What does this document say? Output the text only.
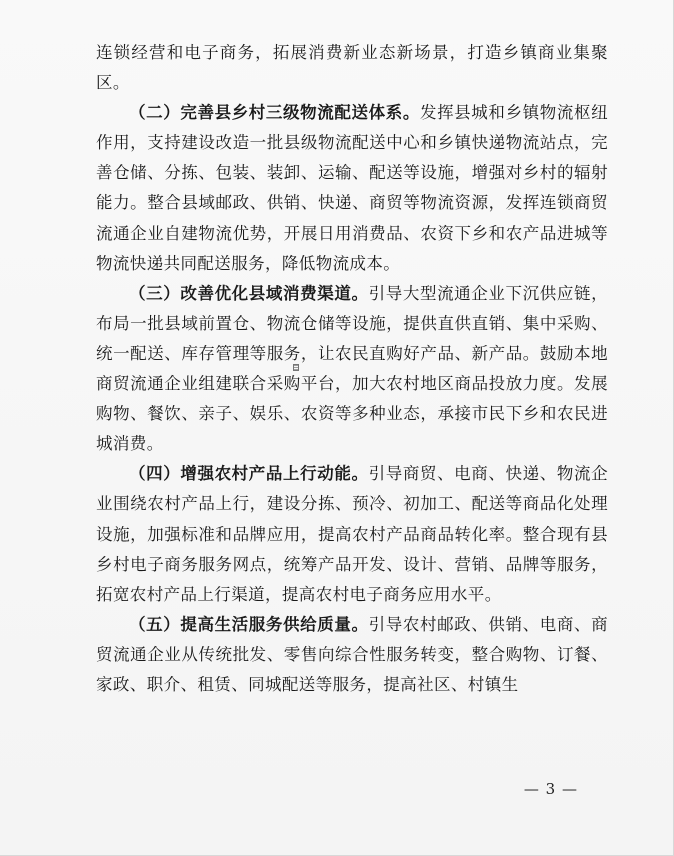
连锁经营和电子商务，拓展消费新业态新场景，打造乡镇商业集聚区。

（二）完善县乡村三级物流配送体系。发挥县城和乡镇物流枢纽作用，支持建设改造一批县级物流配送中心和乡镇快递物流站点，完善仓储、分拣、包装、装卸、运输、配送等设施，增强对乡村的辐射能力。整合县域邮政、供销、快递、商贸等物流资源，发挥连锁商贸流通企业自建物流优势，开展日用消费品、农资下乡和农产品进城等物流快递共同配送服务，降低物流成本。

（三）改善优化县域消费渠道。引导大型流通企业下沉供应链，布局一批县域前置仓、物流仓储等设施，提供直供直销、集中采购、统一配送、库存管理等服务，让农民直购好产品、新产品。鼓励本地商贸流通企业组建联合采购平台，加大农村地区商品投放力度。发展购物、餐饮、亲子、娱乐、农资等多种业态，承接市民下乡和农民进城消费。

（四）增强农村产品上行动能。引导商贸、电商、快递、物流企业围绕农村产品上行，建设分拣、预冷、初加工、配送等商品化处理设施，加强标准和品牌应用，提高农村产品商品转化率。整合现有县乡村电子商务服务网点，统筹产品开发、设计、营销、品牌等服务，拓宽农村产品上行渠道，提高农村电子商务应用水平。

（五）提高生活服务供给质量。引导农村邮政、供销、电商、商贸流通企业从传统批发、零售向综合性服务转变，整合购物、订餐、家政、职介、租赁、同城配送等服务，提高社区、村镇生

— 3 —
